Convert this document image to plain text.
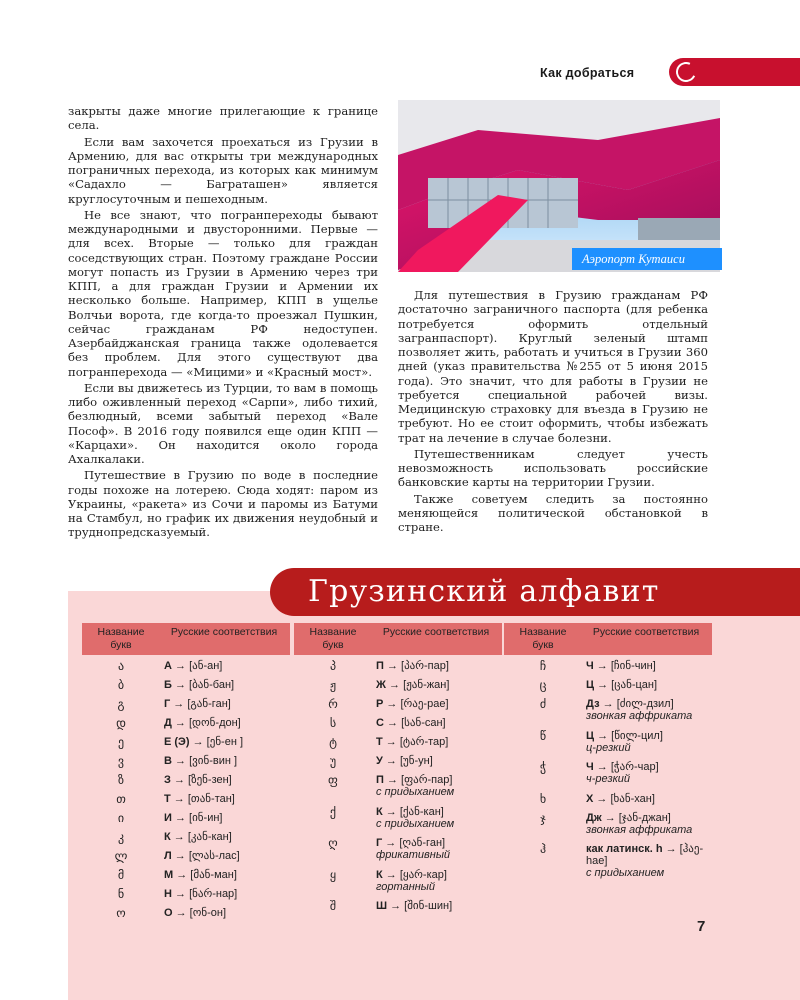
Как добраться

закрыты даже многие прилегающие к границе села.

Если вам захочется проехаться из Грузии в Армению, для вас открыты три международных пограничных перехода, из которых как минимум «Садахло — Баграташен» является круглосуточным и пешеходным.

Не все знают, что погранпереходы бывают международными и двусторонними. Первые — для всех. Вторые — только для граждан соседствующих стран. Поэтому граждане России могут попасть из Грузии в Армению через три КПП, а для граждан Грузии и Армении их несколько больше. Например, КПП в ущелье Волчьи ворота, где когда-то проезжал Пушкин, сейчас гражданам РФ недоступен. Азербайджанская граница также одолевается без проблем. Для этого существуют два погранперехода — «Мицими» и «Красный мост».

Если вы движетесь из Турции, то вам в помощь либо оживленный переход «Сарпи», либо тихий, безлюдный, всеми забытый переход «Вале Пософ». В 2016 году появился еще один КПП — «Карцахи». Он находится около города Ахалкалаки.

Путешествие в Грузию по воде в последние годы похоже на лотерею. Сюда ходят: паром из Украины, «ракета» из Сочи и паромы из Батуми на Стамбул, но график их движения неудобный и труднопредсказуемый.

Аэропорт Кутаиси

Для путешествия в Грузию гражданам РФ достаточно заграничного паспорта (для ребенка потребуется оформить отдельный загранпаспорт). Круглый зеленый штамп позволяет жить, работать и учиться в Грузии 360 дней (указ правительства №255 от 5 июня 2015 года). Это значит, что для работы в Грузии не требуется специальной рабочей визы. Медицинскую страховку для въезда в Грузию не требуют. Но ее стоит оформить, чтобы избежать трат на лечение в случае болезни.

Путешественникам следует учесть невозможность использовать российские банковские карты на территории Грузии.

Также советуем следить за постоянно меняющейся политической обстановкой в стране.

Грузинский алфавит
Название букв
Русские соответствия
ა	А → [ან-ан]
ბ	Б → [ბან-бан]
გ	Г → [გან-ган]
დ	Д → [დონ-дон]
ე	Е (Э) → [ენ-ен ]
ვ	В → [ვინ-вин ]
ზ	З → [ზენ-зен]
თ	Т → [თან-тан]
ი	И → [ინ-ин]
კ	К → [კან-кан]
ლ	Л → [ლას-лас]
მ	М → [მან-ман]
ნ	Н → [ნარ-нар]
ო	О → [ონ-он]
Название букв
Русские соответствия
პ	П → [პარ-пар]
ჟ	Ж → [ჟან-жан]
რ	Р → [რაე-рае]
ს	С → [სან-сан]
ტ	Т → [ტარ-тар]
უ	У → [უნ-ун]
ფ	П → [ფარ-пар]
с придыханием
ქ	К → [ქან-кан]
с придыханием
ღ	Г → [ღან-ган]
фрикативный
ყ	К → [ყარ-кар]
гортанный
შ	Ш → [შინ-шин]
Название букв
Русские соответствия
ჩ	Ч → [ჩინ-чин]
ც	Ц → [ცან-цан]
ძ	Дз → [ძილ-дзил]
звонкая аффриката
წ	Ц → [წილ-цил]
ц-резкий
ჭ	Ч → [ჭარ-чар]
ч-резкий
ხ	Х → [ხან-хан]
ჯ	Дж → [ჯან-джан]
звонкая аффриката
ჰ	как латинск. h → [ჰაე-hae]
с придыханием
7
